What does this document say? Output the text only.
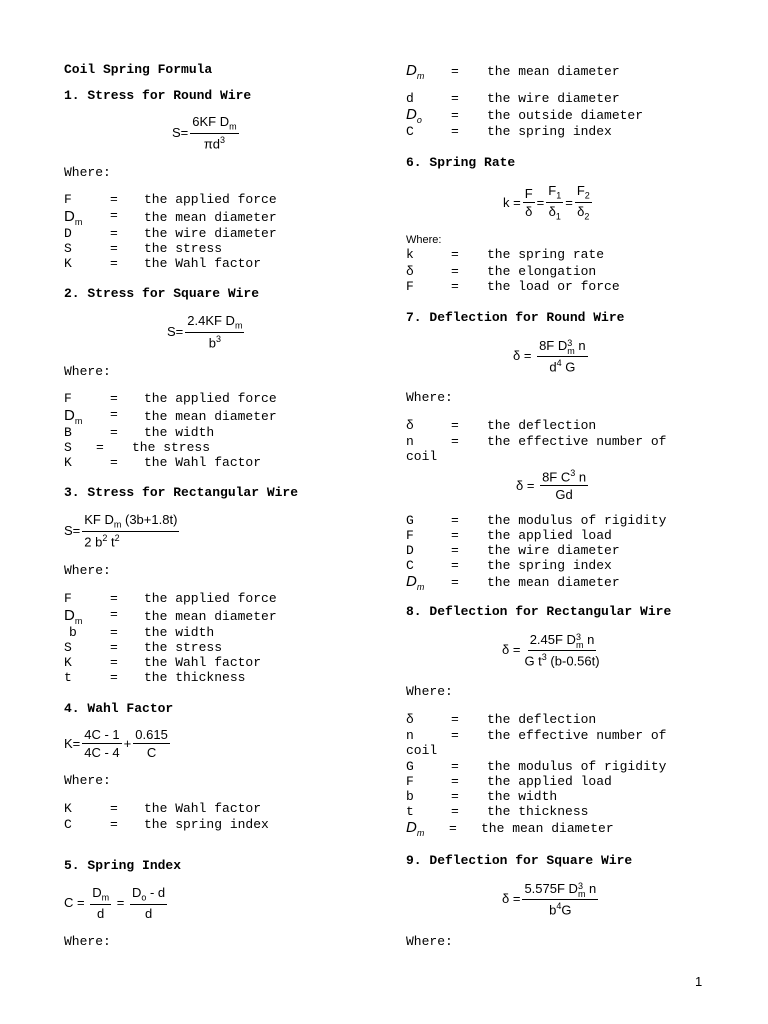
Coil Spring Formula
1. Stress for Round Wire
$S= \frac{6KF D_m}{\pi d^3}$
Where:
F	= the applied force
$D_m$ = the mean diameter
D	= the wire diameter
S	= the stress
K	= the Wahl factor
2. Stress for Square Wire
$S= \frac{2.4KF D_m}{b^3}$
Where:
F	= the applied force
$D_m$ = the mean diameter
B	= the width
S = the stress
K	= the Wahl factor
3. Stress for Rectangular Wire
$S= \frac{KF D_m (3b+1.8t)}{2 b^2 t^2}$
Where:
F	= the applied force
$D_m$ = the mean diameter
b	= the width
S	= the stress
K	= the Wahl factor
t	= the thickness
4. Wahl Factor
$K= \frac{4C - 1}{4C - 4} + \frac{0.615}{C}$
Where:
K	= the Wahl factor
C	= the spring index
5. Spring Index
C =
$\frac{D_m}{d}$
=
$\frac{D_o - d}{d}$
Where:
$D_m$ = the mean diameter
d	= the wire diameter
$D_o$ = the outside diameter
C	= the spring index
6. Spring Rate
$k = \frac{F}{\delta} = \frac{F_1}{\delta_1} = \frac{F_2}{\delta_2}$
Where:
k	= the spring rate
δ	= the elongation
F	= the load or force
7. Deflection for Round Wire
δ =
8F D 3
m n
$d^4$ G
Where:
δ	= the deflection
n	= the effective number of
coil
δ =
$\frac{8F C^3 n}{Gd}$
G	= the modulus of rigidity
F	= the applied load
D	= the wire diameter
C	= the spring index
$D_m$ = the mean diameter
8. Deflection for Rectangular Wire
δ = 2.45F D 3
m n
G $t^3$ (b-0.56t)
Where:
δ	= the deflection
n	= the effective number of
coil
G	= the modulus of rigidity
F	= the applied load
b	= the width
t	= the thickness
$D_m$ = the mean diameter
9. Deflection for Square Wire
δ = 5.575F D 3
m n
$b^4G$
Where:
1
